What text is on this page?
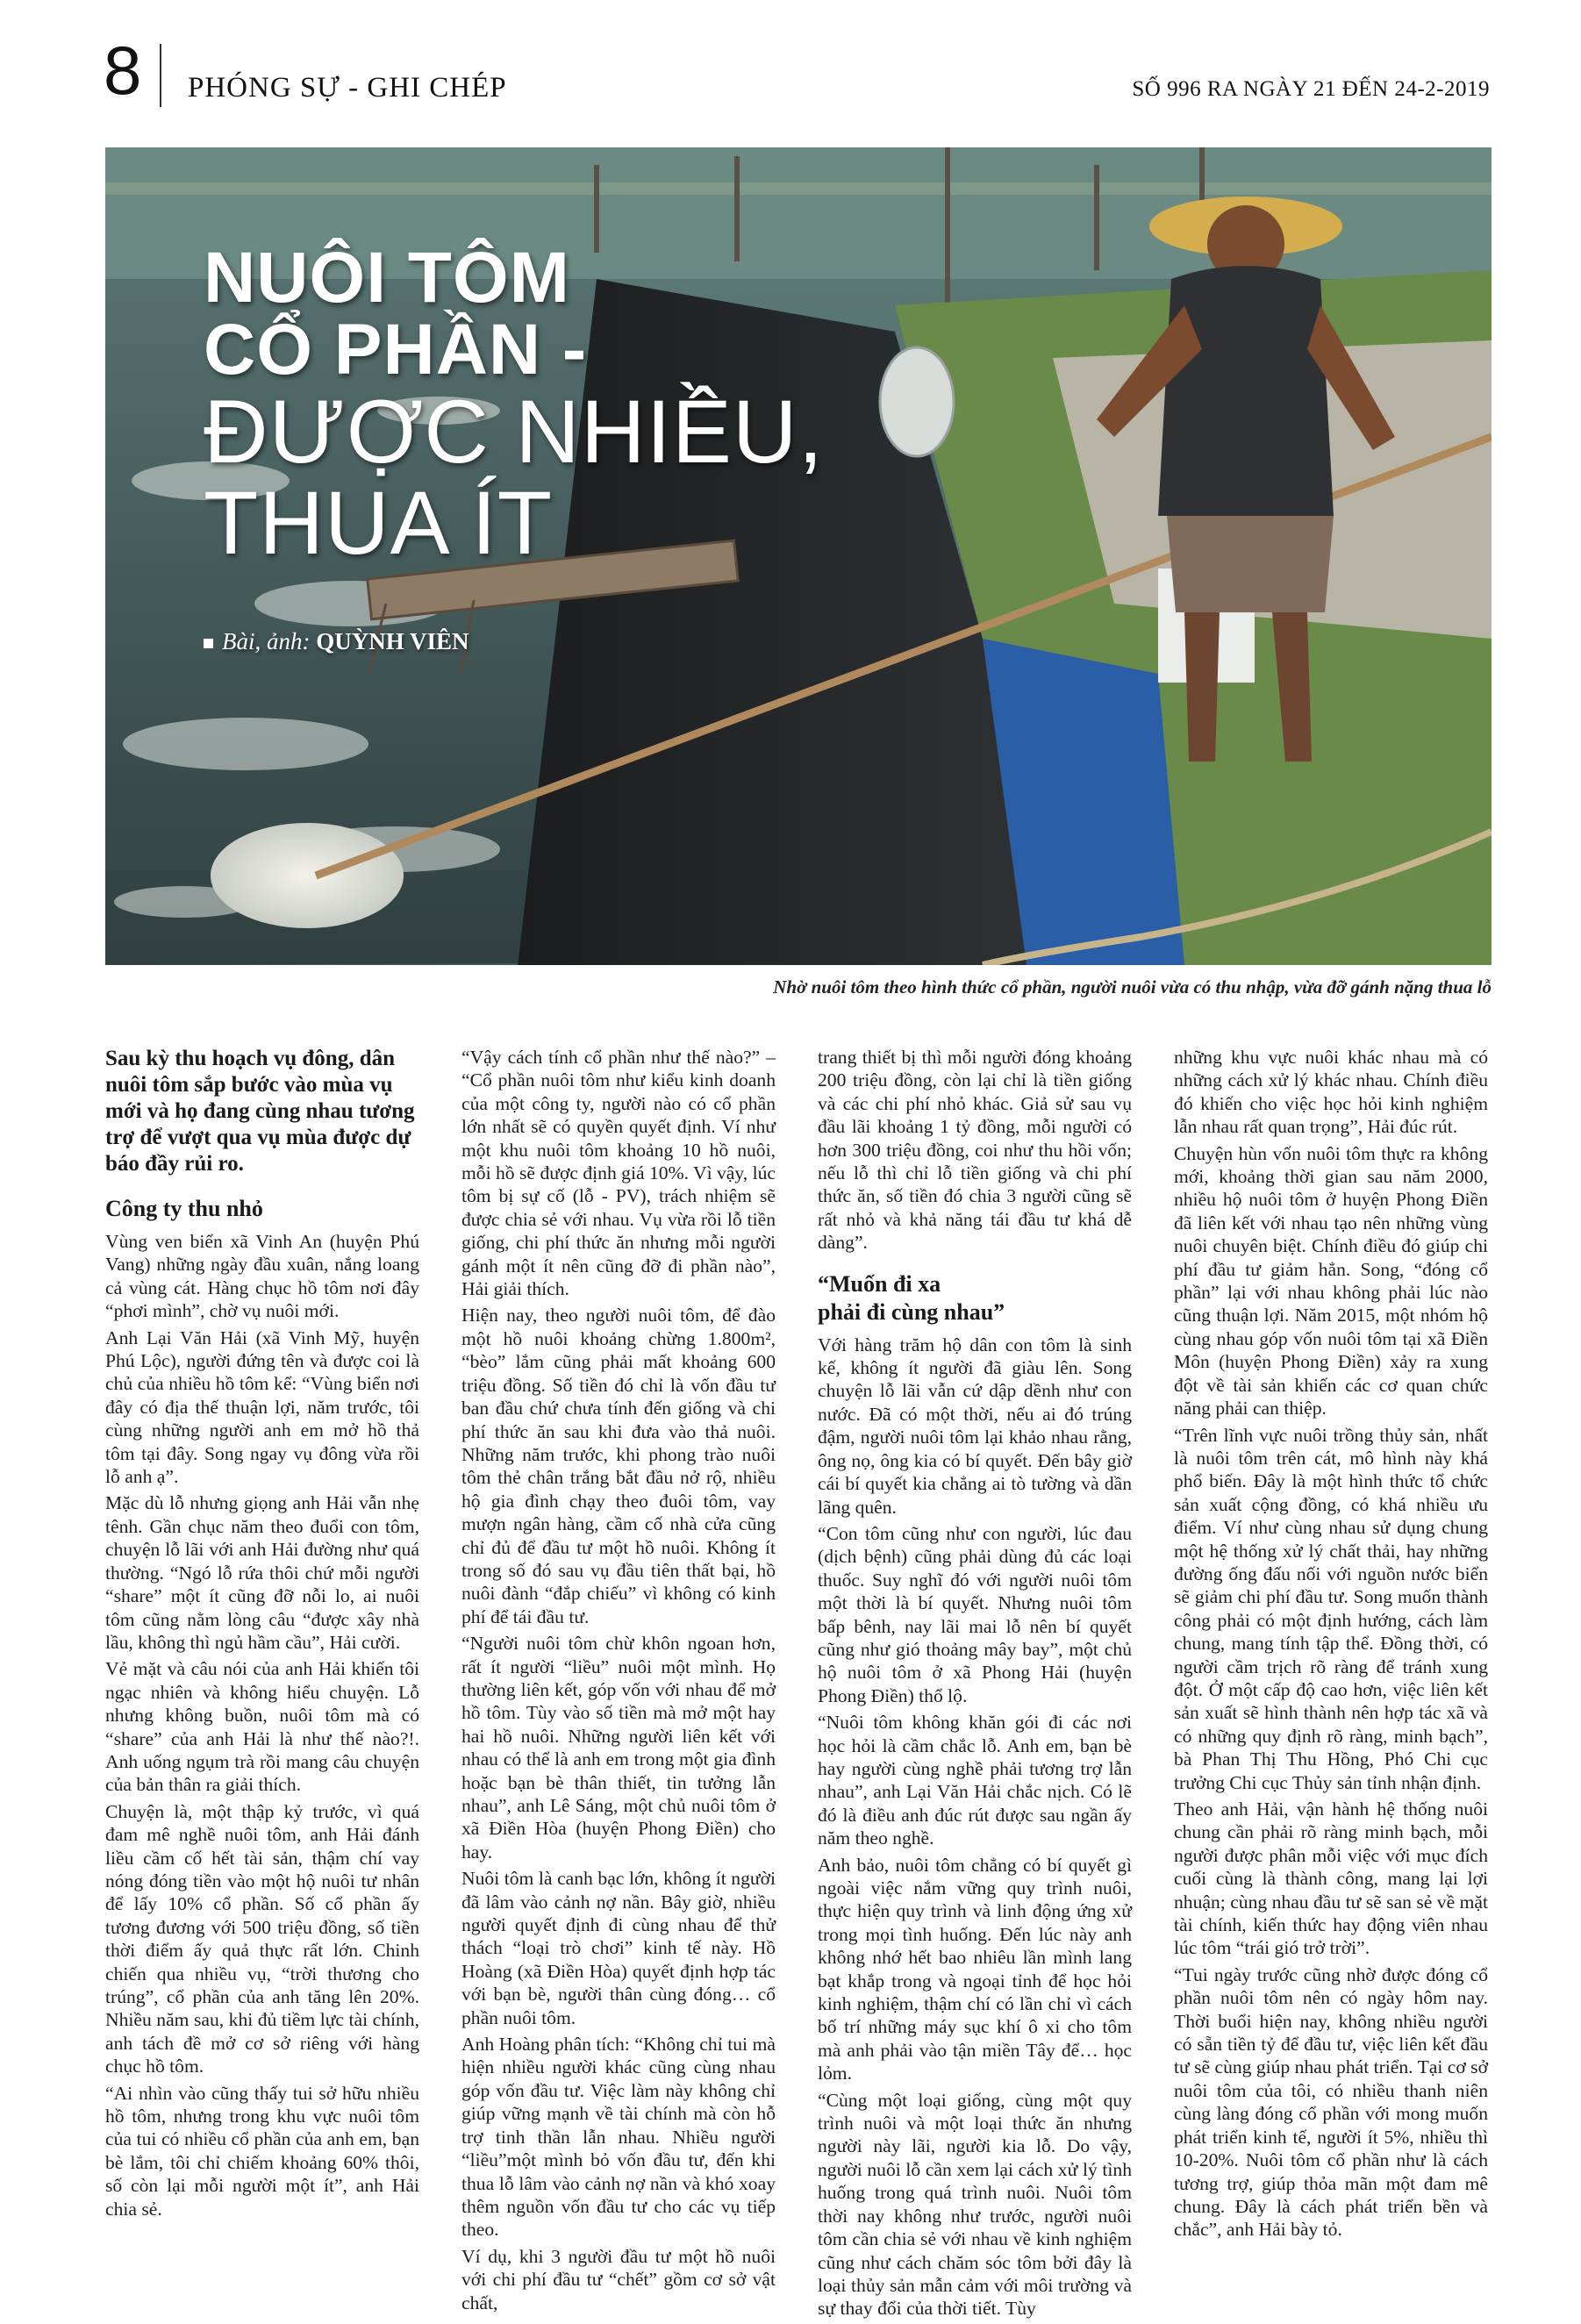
8 PHÓNG SỰ - GHI CHÉP	SỐ 996 RA NGÀY 21 ĐẾN 24-2-2019
NUÔI TÔM
CỔ PHẦN -
ĐƯỢC NHIỀU,
THUA ÍT
Bài, ảnh: QUỲNH VIÊN
Nhờ nuôi tôm theo hình thức cổ phần, người nuôi vừa có thu nhập, vừa đỡ gánh nặng thua lỗ

Sau kỳ thu hoạch vụ đông, dân nuôi tôm sắp bước vào mùa vụ mới và họ đang cùng nhau tương trợ để vượt qua vụ mùa được dự báo đầy rủi ro.

Công ty thu nhỏ

Vùng ven biển xã Vinh An (huyện Phú Vang) những ngày đầu xuân, nắng loang cả vùng cát. Hàng chục hồ tôm nơi đây “phơi mình”, chờ vụ nuôi mới.

Anh Lại Văn Hải (xã Vinh Mỹ, huyện Phú Lộc), người đứng tên và được coi là chủ của nhiều hồ tôm kể: “Vùng biển nơi đây có địa thế thuận lợi, năm trước, tôi cùng những người anh em mở hồ thả tôm tại đây. Song ngay vụ đông vừa rồi lỗ anh ạ”.

Mặc dù lỗ nhưng giọng anh Hải vẫn nhẹ tênh. Gần chục năm theo đuổi con tôm, chuyện lỗ lãi với anh Hải đường như quá thường. “Ngó lỗ rứa thôi chứ mỗi người “share” một ít cũng đỡ nỗi lo, ai nuôi tôm cũng nằm lòng câu “được xây nhà lầu, không thì ngủ hầm cầu”, Hải cười.

Vẻ mặt và câu nói của anh Hải khiến tôi ngạc nhiên và không hiểu chuyện. Lỗ nhưng không buồn, nuôi tôm mà có “share” của anh Hải là như thế nào?!. Anh uống ngụm trà rồi mang câu chuyện của bản thân ra giải thích.

Chuyện là, một thập kỷ trước, vì quá đam mê nghề nuôi tôm, anh Hải đánh liều cầm cố hết tài sản, thậm chí vay nóng đóng tiền vào một hộ nuôi tư nhân để lấy 10% cổ phần. Số cổ phần ấy tương đương với 500 triệu đồng, số tiền thời điểm ấy quả thực rất lớn. Chinh chiến qua nhiều vụ, “trời thương cho trúng”, cổ phần của anh tăng lên 20%. Nhiều năm sau, khi đủ tiềm lực tài chính, anh tách đề mở cơ sở riêng với hàng chục hồ tôm.

“Ai nhìn vào cũng thấy tui sở hữu nhiều hồ tôm, nhưng trong khu vực nuôi tôm của tui có nhiều cổ phần của anh em, bạn bè lắm, tôi chỉ chiếm khoảng 60% thôi, số còn lại mỗi người một ít”, anh Hải chia sẻ.

“Vậy cách tính cổ phần như thế nào?” – “Cổ phần nuôi tôm như kiểu kinh doanh của một công ty, người nào có cổ phần lớn nhất sẽ có quyền quyết định. Ví như một khu nuôi tôm khoảng 10 hồ nuôi, mỗi hồ sẽ được định giá 10%. Vì vậy, lúc tôm bị sự cố (lỗ - PV), trách nhiệm sẽ được chia sẻ với nhau. Vụ vừa rồi lỗ tiền giống, chi phí thức ăn nhưng mỗi người gánh một ít nên cũng đỡ đi phần nào”, Hải giải thích.

Hiện nay, theo người nuôi tôm, để đào một hồ nuôi khoảng chừng 1.800m², “bèo” lắm cũng phải mất khoảng 600 triệu đồng. Số tiền đó chỉ là vốn đầu tư ban đầu chứ chưa tính đến giống và chi phí thức ăn sau khi đưa vào thả nuôi. Những năm trước, khi phong trào nuôi tôm thẻ chân trắng bắt đầu nở rộ, nhiều hộ gia đình chạy theo đuôi tôm, vay mượn ngân hàng, cầm cố nhà cửa cũng chỉ đủ để đầu tư một hồ nuôi. Không ít trong số đó sau vụ đầu tiên thất bại, hồ nuôi đành “đắp chiếu” vì không có kinh phí để tái đầu tư.

“Người nuôi tôm chừ khôn ngoan hơn, rất ít người “liều” nuôi một mình. Họ thường liên kết, góp vốn với nhau để mở hồ tôm. Tùy vào số tiền mà mở một hay hai hồ nuôi. Những người liên kết với nhau có thể là anh em trong một gia đình hoặc bạn bè thân thiết, tin tưởng lẫn nhau”, anh Lê Sáng, một chủ nuôi tôm ở xã Điền Hòa (huyện Phong Điền) cho hay.

Nuôi tôm là canh bạc lớn, không ít người đã lâm vào cảnh nợ nần. Bây giờ, nhiều người quyết định đi cùng nhau để thử thách “loại trò chơi” kinh tế này. Hồ Hoàng (xã Điền Hòa) quyết định hợp tác với bạn bè, người thân cùng đóng… cổ phần nuôi tôm.

Anh Hoàng phân tích: “Không chỉ tui mà hiện nhiều người khác cũng cùng nhau góp vốn đầu tư. Việc làm này không chỉ giúp vững mạnh về tài chính mà còn hỗ trợ tinh thần lẫn nhau. Nhiều người “liều”một mình bỏ vốn đầu tư, đến khi thua lỗ lâm vào cảnh nợ nần và khó xoay thêm nguồn vốn đầu tư cho các vụ tiếp theo.

Ví dụ, khi 3 người đầu tư một hồ nuôi với chi phí đầu tư “chết” gồm cơ sở vật chất,

trang thiết bị thì mỗi người đóng khoảng 200 triệu đồng, còn lại chỉ là tiền giống và các chi phí nhỏ khác. Giả sử sau vụ đầu lãi khoảng 1 tỷ đồng, mỗi người có hơn 300 triệu đồng, coi như thu hồi vốn; nếu lỗ thì chỉ lỗ tiền giống và chi phí thức ăn, số tiền đó chia 3 người cũng sẽ rất nhỏ và khả năng tái đầu tư khá dễ dàng”.

“Muốn đi xa
phải đi cùng nhau”

Với hàng trăm hộ dân con tôm là sinh kế, không ít người đã giàu lên. Song chuyện lỗ lãi vẫn cứ dập dềnh như con nước. Đã có một thời, nếu ai đó trúng đậm, người nuôi tôm lại khảo nhau rằng, ông nọ, ông kia có bí quyết. Đến bây giờ cái bí quyết kia chẳng ai tò tường và dần lãng quên.

“Con tôm cũng như con người, lúc đau (dịch bệnh) cũng phải dùng đủ các loại thuốc. Suy nghĩ đó với người nuôi tôm một thời là bí quyết. Nhưng nuôi tôm bấp bênh, nay lãi mai lỗ nên bí quyết cũng như gió thoảng mây bay”, một chủ hộ nuôi tôm ở xã Phong Hải (huyện Phong Điền) thổ lộ.

“Nuôi tôm không khăn gói đi các nơi học hỏi là cầm chắc lỗ. Anh em, bạn bè hay người cùng nghề phải tương trợ lẫn nhau”, anh Lại Văn Hải chắc nịch. Có lẽ đó là điều anh đúc rút được sau ngần ấy năm theo nghề.

Anh bảo, nuôi tôm chẳng có bí quyết gì ngoài việc nắm vững quy trình nuôi, thực hiện quy trình và linh động ứng xử trong mọi tình huống. Đến lúc này anh không nhớ hết bao nhiêu lần mình lang bạt khắp trong và ngoại tỉnh để học hỏi kinh nghiệm, thậm chí có lần chỉ vì cách bố trí những máy sục khí ô xi cho tôm mà anh phải vào tận miền Tây để… học lỏm.

“Cùng một loại giống, cùng một quy trình nuôi và một loại thức ăn nhưng người này lãi, người kia lỗ. Do vậy, người nuôi lỗ cần xem lại cách xử lý tình huống trong quá trình nuôi. Nuôi tôm thời nay không như trước, người nuôi tôm cần chia sẻ với nhau về kinh nghiệm cũng như cách chăm sóc tôm bởi đây là loại thủy sản mẫn cảm với môi trường và sự thay đổi của thời tiết. Tùy

những khu vực nuôi khác nhau mà có những cách xử lý khác nhau. Chính điều đó khiến cho việc học hỏi kinh nghiệm lẫn nhau rất quan trọng”, Hải đúc rút.

Chuyện hùn vốn nuôi tôm thực ra không mới, khoảng thời gian sau năm 2000, nhiều hộ nuôi tôm ở huyện Phong Điền đã liên kết với nhau tạo nên những vùng nuôi chuyên biệt. Chính điều đó giúp chi phí đầu tư giảm hẳn. Song, “đóng cổ phần” lại với nhau không phải lúc nào cũng thuận lợi. Năm 2015, một nhóm hộ cùng nhau góp vốn nuôi tôm tại xã Điền Môn (huyện Phong Điền) xảy ra xung đột về tài sản khiến các cơ quan chức năng phải can thiệp.

“Trên lĩnh vực nuôi trồng thủy sản, nhất là nuôi tôm trên cát, mô hình này khá phổ biến. Đây là một hình thức tổ chức sản xuất cộng đồng, có khá nhiều ưu điểm. Ví như cùng nhau sử dụng chung một hệ thống xử lý chất thải, hay những đường ống đấu nối với nguồn nước biển sẽ giảm chi phí đầu tư. Song muốn thành công phải có một định hướng, cách làm chung, mang tính tập thể. Đồng thời, có người cầm trịch rõ ràng để tránh xung đột. Ở một cấp độ cao hơn, việc liên kết sản xuất sẽ hình thành nên hợp tác xã và có những quy định rõ ràng, minh bạch”, bà Phan Thị Thu Hồng, Phó Chi cục trưởng Chi cục Thủy sản tỉnh nhận định.

Theo anh Hải, vận hành hệ thống nuôi chung cần phải rõ ràng minh bạch, mỗi người được phân mỗi việc với mục đích cuối cùng là thành công, mang lại lợi nhuận; cùng nhau đầu tư sẽ san sẻ về mặt tài chính, kiến thức hay động viên nhau lúc tôm “trái gió trở trời”.

“Tui ngày trước cũng nhờ được đóng cổ phần nuôi tôm nên có ngày hôm nay. Thời buổi hiện nay, không nhiều người có sẵn tiền tỷ để đầu tư, việc liên kết đầu tư sẽ cùng giúp nhau phát triển. Tại cơ sở nuôi tôm của tôi, có nhiều thanh niên cùng làng đóng cổ phần với mong muốn phát triển kinh tế, người ít 5%, nhiều thì 10-20%. Nuôi tôm cổ phần như là cách tương trợ, giúp thỏa mãn một đam mê chung. Đây là cách phát triển bền và chắc”, anh Hải bày tỏ.
